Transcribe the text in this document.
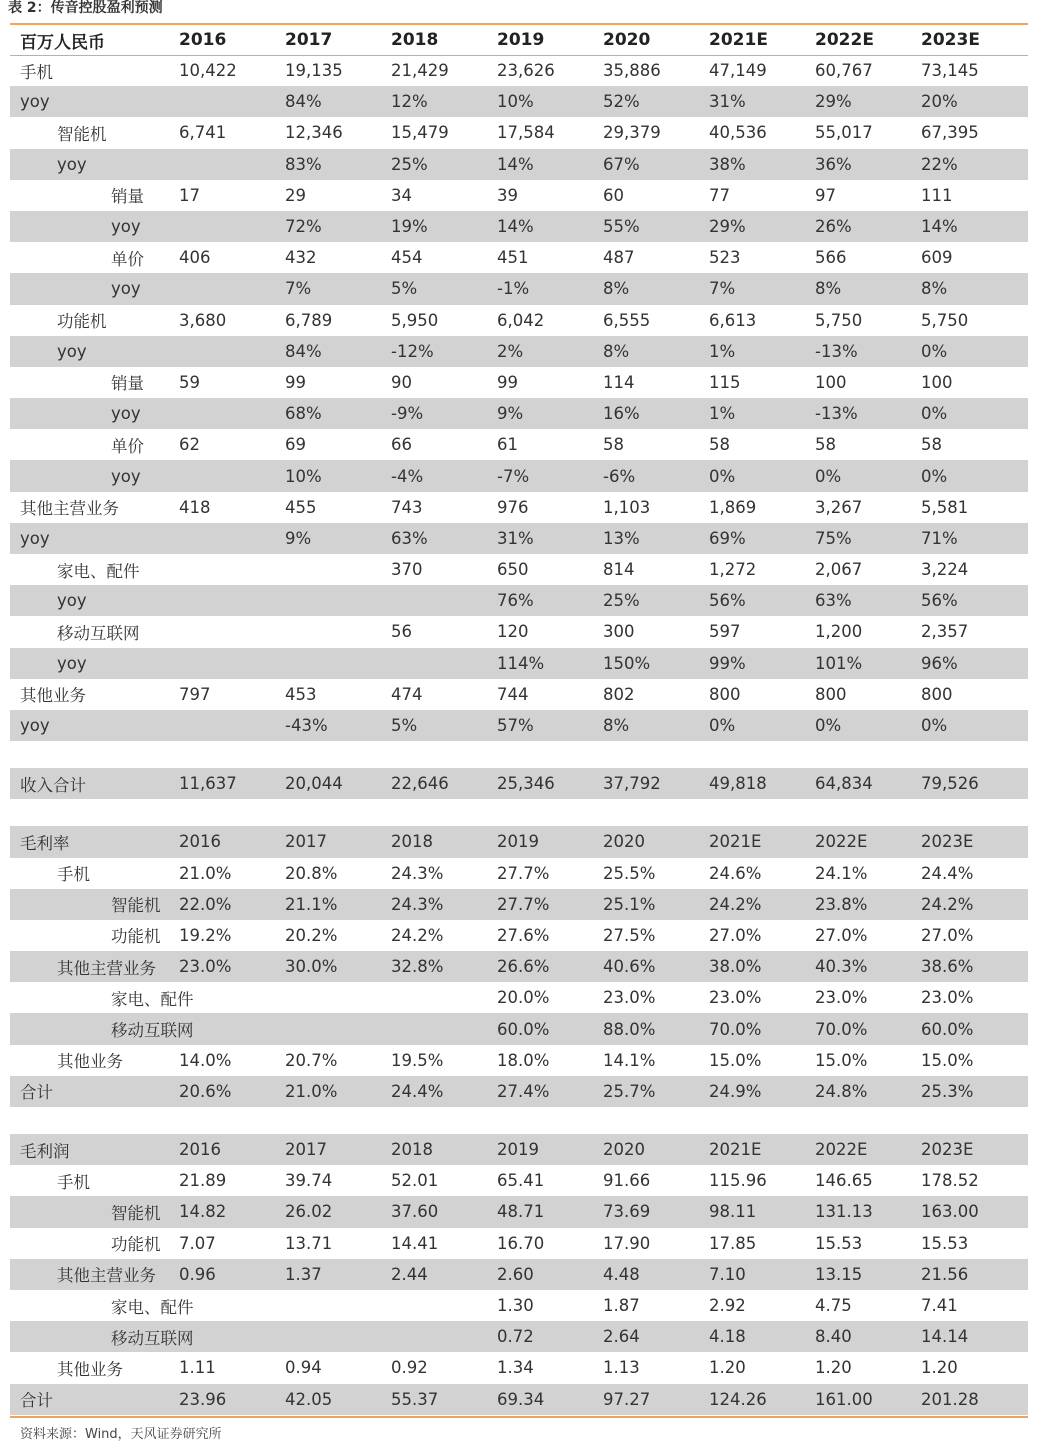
表 2：传音控股盈利预测
百万人民币	2016	2017	2018	2019	2020	2021E	2022E	2023E
手机	10,422	19,135	21,429	23,626	35,886	47,149	60,767	73,145
yoy		84%	12%	10%	52%	31%	29%	20%
智能机	6,741	12,346	15,479	17,584	29,379	40,536	55,017	67,395
yoy		83%	25%	14%	67%	38%	36%	22%
销量	17	29	34	39	60	77	97	111
yoy		72%	19%	14%	55%	29%	26%	14%
单价	406	432	454	451	487	523	566	609
yoy		7%	5%	-1%	8%	7%	8%	8%
功能机	3,680	6,789	5,950	6,042	6,555	6,613	5,750	5,750
yoy		84%	-12%	2%	8%	1%	-13%	0%
销量	59	99	90	99	114	115	100	100
yoy		68%	-9%	9%	16%	1%	-13%	0%
单价	62	69	66	61	58	58	58	58
yoy		10%	-4%	-7%	-6%	0%	0%	0%
其他主营业务	418	455	743	976	1,103	1,869	3,267	5,581
yoy		9%	63%	31%	13%	69%	75%	71%
家电、配件			370	650	814	1,272	2,067	3,224
yoy				76%	25%	56%	63%	56%
移动互联网			56	120	300	597	1,200	2,357
yoy				114%	150%	99%	101%	96%
其他业务	797	453	474	744	802	800	800	800
yoy		-43%	5%	57%	8%	0%	0%	0%

收入合计	11,637	20,044	22,646	25,346	37,792	49,818	64,834	79,526

毛利率	2016	2017	2018	2019	2020	2021E	2022E	2023E
手机	21.0%	20.8%	24.3%	27.7%	25.5%	24.6%	24.1%	24.4%
智能机	22.0%	21.1%	24.3%	27.7%	25.1%	24.2%	23.8%	24.2%
功能机	19.2%	20.2%	24.2%	27.6%	27.5%	27.0%	27.0%	27.0%
其他主营业务	23.0%	30.0%	32.8%	26.6%	40.6%	38.0%	40.3%	38.6%
家电、配件				20.0%	23.0%	23.0%	23.0%	23.0%
移动互联网				60.0%	88.0%	70.0%	70.0%	60.0%
其他业务	14.0%	20.7%	19.5%	18.0%	14.1%	15.0%	15.0%	15.0%
合计	20.6%	21.0%	24.4%	27.4%	25.7%	24.9%	24.8%	25.3%

毛利润	2016	2017	2018	2019	2020	2021E	2022E	2023E
手机	21.89	39.74	52.01	65.41	91.66	115.96	146.65	178.52
智能机	14.82	26.02	37.60	48.71	73.69	98.11	131.13	163.00
功能机	7.07	13.71	14.41	16.70	17.90	17.85	15.53	15.53
其他主营业务	0.96	1.37	2.44	2.60	4.48	7.10	13.15	21.56
家电、配件				1.30	1.87	2.92	4.75	7.41
移动互联网				0.72	2.64	4.18	8.40	14.14
其他业务	1.11	0.94	0.92	1.34	1.13	1.20	1.20	1.20
合计	23.96	42.05	55.37	69.34	97.27	124.26	161.00	201.28
资料来源：Wind，天风证券研究所
